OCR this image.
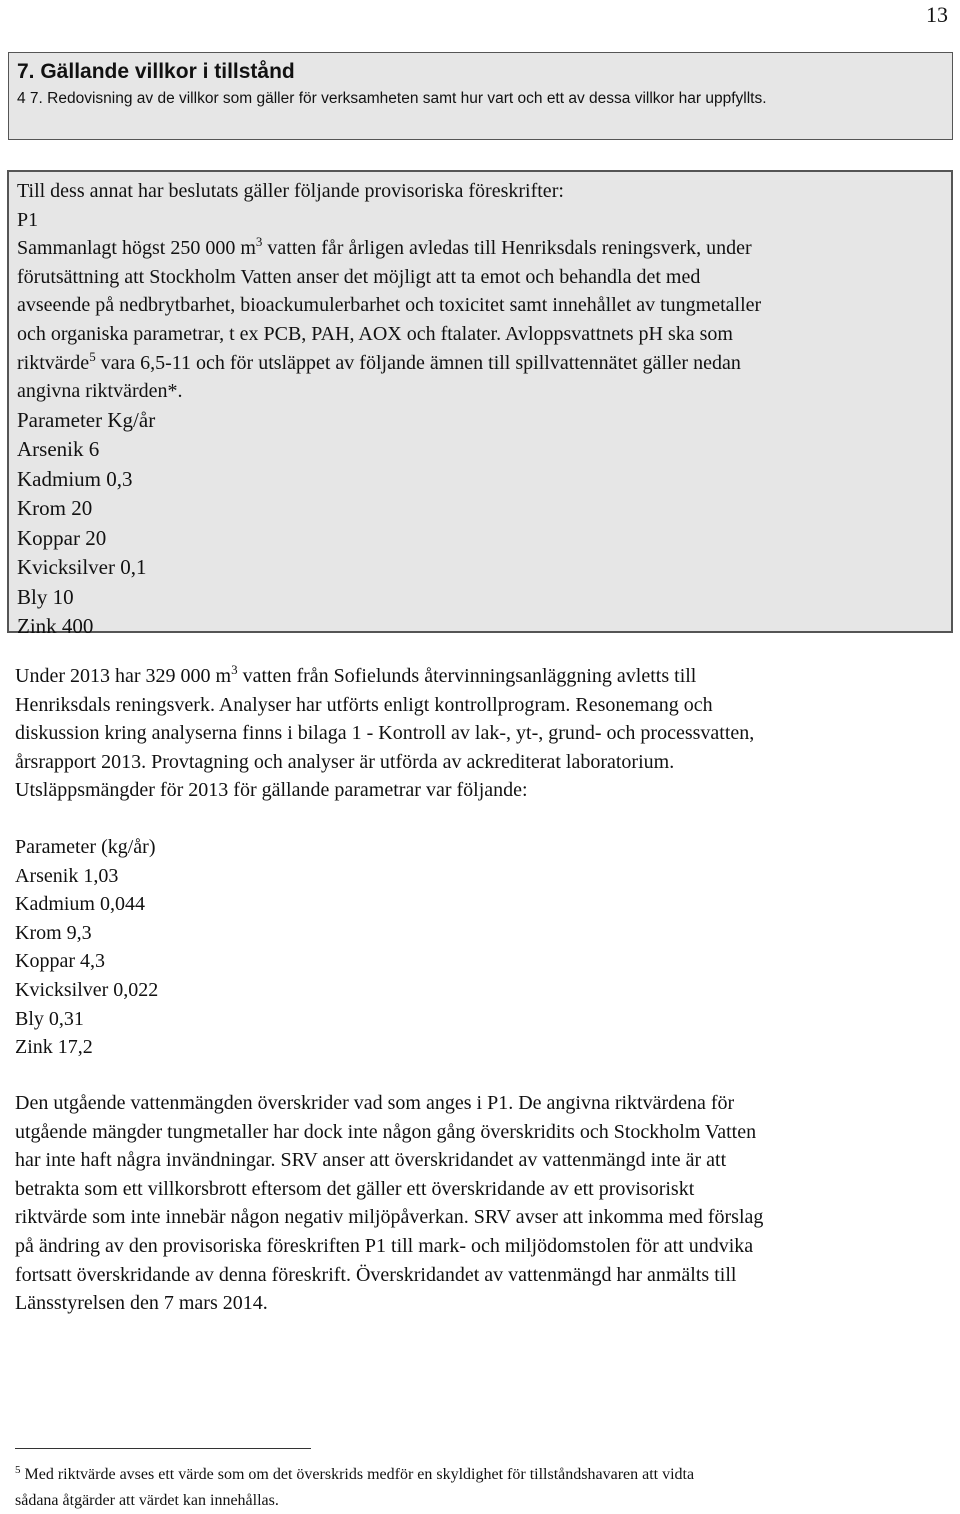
13
7. Gällande villkor i tillstånd
4 7. Redovisning av de villkor som gäller för verksamheten samt hur vart och ett av dessa villkor har uppfyllts.
Till dess annat har beslutats gäller följande provisoriska föreskrifter:
P1
Sammanlagt högst 250 000 $m^3$ vatten får årligen avledas till Henriksdals reningsverk, under
förutsättning att Stockholm Vatten anser det möjligt att ta emot och behandla det med
avseende på nedbrytbarhet, bioackumulerbarhet och toxicitet samt innehållet av tungmetaller
och organiska parametrar, t ex PCB, PAH, AOX och ftalater. Avloppsvattnets pH ska som
riktvärde$^5$ vara 6,5-11 och för utsläppet av följande ämnen till spillvattennätet gäller nedan
angivna riktvärden*.
Parameter Kg/år
Arsenik 6
Kadmium 0,3
Krom 20
Koppar 20
Kvicksilver 0,1
Bly 10
Zink 400
Under 2013 har 329 000 $m^3$ vatten från Sofielunds återvinningsanläggning avletts till
Henriksdals reningsverk. Analyser har utförts enligt kontrollprogram. Resonemang och
diskussion kring analyserna finns i bilaga 1 - Kontroll av lak-, yt-, grund- och processvatten,
årsrapport 2013. Provtagning och analyser är utförda av ackrediterat laboratorium.
Utsläppsmängder för 2013 för gällande parametrar var följande:
Parameter (kg/år)
Arsenik 1,03
Kadmium 0,044
Krom 9,3
Koppar 4,3
Kvicksilver 0,022
Bly 0,31
Zink 17,2
Den utgående vattenmängden överskrider vad som anges i P1. De angivna riktvärdena för
utgående mängder tungmetaller har dock inte någon gång överskridits och Stockholm Vatten
har inte haft några invändningar. SRV anser att överskridandet av vattenmängd inte är att
betrakta som ett villkorsbrott eftersom det gäller ett överskridande av ett provisoriskt
riktvärde som inte innebär någon negativ miljöpåverkan. SRV avser att inkomma med förslag
på ändring av den provisoriska föreskriften P1 till mark- och miljödomstolen för att undvika
fortsatt överskridande av denna föreskrift. Överskridandet av vattenmängd har anmälts till
Länsstyrelsen den 7 mars 2014.
$^5$ Med riktvärde avses ett värde som om det överskrids medför en skyldighet för tillståndshavaren att vidta
sådana åtgärder att värdet kan innehållas.
